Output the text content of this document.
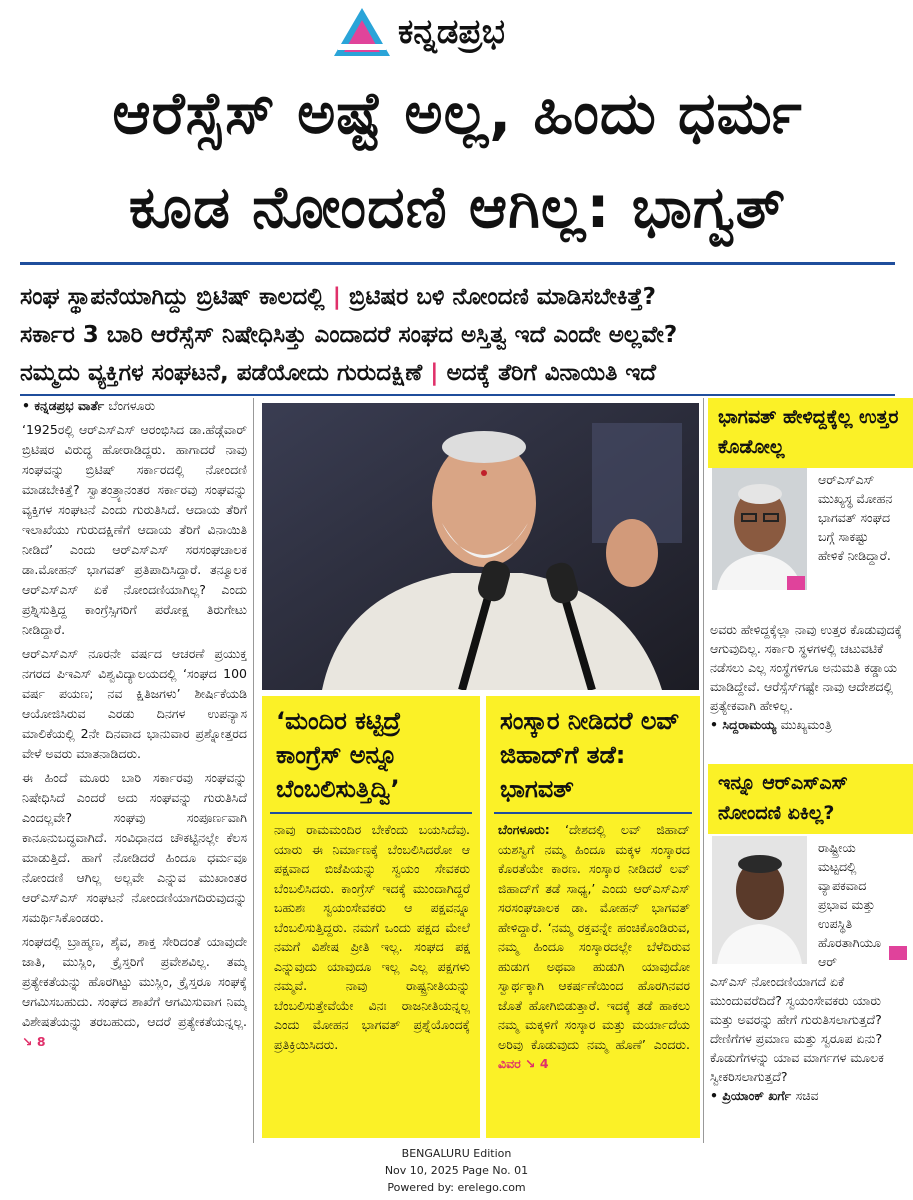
ಕನ್ನಡಪ್ರಭ
ಆರೆಸ್ಸೆಸ್ ಅಷ್ಟೆ ಅಲ್ಲ, ಹಿಂದು ಧರ್ಮ
ಕೂಡ ನೋಂದಣಿ ಆಗಿಲ್ಲ: ಭಾಗ್ವತ್
ಸಂಘ ಸ್ಥಾಪನೆಯಾಗಿದ್ದು ಬ್ರಿಟಿಷ್ ಕಾಲದಲ್ಲಿ | ಬ್ರಿಟಿಷರ ಬಳಿ ನೋಂದಣಿ ಮಾಡಿಸಬೇಕಿತ್ತೆ?
ಸರ್ಕಾರ 3 ಬಾರಿ ಆರೆಸ್ಸೆಸ್ ನಿಷೇಧಿಸಿತ್ತು ಎಂದಾದರೆ ಸಂಘದ ಅಸ್ತಿತ್ವ ಇದೆ ಎಂದೇ ಅಲ್ಲವೇ?
ನಮ್ಮದು ವ್ಯಕ್ತಿಗಳ ಸಂಘಟನೆ, ಪಡೆಯೋದು ಗುರುದಕ್ಷಿಣೆ | ಅದಕ್ಕೆ ತೆರಿಗೆ ವಿನಾಯಿತಿ ಇದೆ
• ಕನ್ನಡಪ್ರಭ ವಾರ್ತೆ ಬೆಂಗಳೂರು

‘1925ರಲ್ಲಿ ಆರ್‌ಎಸ್‌ಎಸ್ ಆರಂಭಿಸಿದ ಡಾ.ಹೆಡ್ಗೆವಾರ್ ಬ್ರಿಟಿಷರ ವಿರುದ್ಧ ಹೋರಾಡಿದ್ದರು. ಹಾಗಾದರೆ ನಾವು ಸಂಘವನ್ನು ಬ್ರಿಟಿಷ್ ಸರ್ಕಾರದಲ್ಲಿ ನೋಂದಣಿ ಮಾಡಬೇಕಿತ್ತೆ? ಸ್ವಾತಂತ್ರ್ಯಾನಂತರ ಸರ್ಕಾರವು ಸಂಘವನ್ನು ವ್ಯಕ್ತಿಗಳ ಸಂಘಟನೆ ಎಂದು ಗುರುತಿಸಿದೆ. ಆದಾಯ ತೆರಿಗೆ ಇಲಾಖೆಯು ಗುರುದಕ್ಷಿಣೆಗೆ ಆದಾಯ ತೆರಿಗೆ ವಿನಾಯಿತಿ ನೀಡಿದೆ’ ಎಂದು ಆರ್‌ಎಸ್‌ಎಸ್ ಸರಸಂಘಚಾಲಕ ಡಾ.ಮೋಹನ್ ಭಾಗವತ್ ಪ್ರತಿಪಾದಿಸಿದ್ದಾರೆ. ತನ್ಮೂಲಕ ಆರ್‌ಎಸ್‌ಎಸ್ ಏಕೆ ನೋಂದಣಿಯಾಗಿಲ್ಲ? ಎಂದು ಪ್ರಶ್ನಿಸುತ್ತಿದ್ದ ಕಾಂಗ್ರೆಸ್ಸಿಗರಿಗೆ ಪರೋಕ್ಷ ತಿರುಗೇಟು ನೀಡಿದ್ದಾರೆ.

ಆರ್‌ಎಸ್‌ಎಸ್ ನೂರನೇ ವರ್ಷದ ಆಚರಣೆ ಪ್ರಯುಕ್ತ ನಗರದ ಪಿಇಎಸ್ ವಿಶ್ವವಿದ್ಯಾಲಯದಲ್ಲಿ ‘ಸಂಘದ 100 ವರ್ಷ ಪಯಣ; ನವ ಕ್ಷಿತಿಜಗಳು’ ಶೀರ್ಷಿಕೆಯಡಿ ಆಯೋಜಿಸಿರುವ ಎರಡು ದಿನಗಳ ಉಪನ್ಯಾಸ ಮಾಲಿಕೆಯಲ್ಲಿ 2ನೇ ದಿನವಾದ ಭಾನುವಾರ ಪ್ರಶ್ನೋತ್ತರದ ವೇಳೆ ಅವರು ಮಾತನಾಡಿದರು.

ಈ ಹಿಂದೆ ಮೂರು ಬಾರಿ ಸರ್ಕಾರವು ಸಂಘವನ್ನು ನಿಷೇಧಿಸಿದೆ ಎಂದರೆ ಅದು ಸಂಘವನ್ನು ಗುರುತಿಸಿದೆ ಎಂದಲ್ಲವೇ? ಸಂಘವು ಸಂಪೂರ್ಣವಾಗಿ ಕಾನೂನುಬದ್ಧವಾಗಿದೆ. ಸಂವಿಧಾನದ ಚೌಕಟ್ಟಿನಲ್ಲೇ ಕೆಲಸ ಮಾಡುತ್ತಿದೆ. ಹಾಗೆ ನೋಡಿದರೆ ಹಿಂದೂ ಧರ್ಮವೂ ನೋಂದಣಿ ಆಗಿಲ್ಲ ಅಲ್ಲವೇ ಎನ್ನುವ ಮುಖಾಂತರ ಆರ್‌ಎಸ್‌ಎಸ್ ಸಂಘಟನೆ ನೋಂದಣಿಯಾಗದಿರುವುದನ್ನು ಸಮರ್ಥಿಸಿಕೊಂಡರು.

ಸಂಘದಲ್ಲಿ ಬ್ರಾಹ್ಮಣ, ಶೈವ, ಶಾಕ್ತ ಸೇರಿದಂತೆ ಯಾವುದೇ ಜಾತಿ, ಮುಸ್ಲಿಂ, ಕ್ರೈಸ್ತರಿಗೆ ಪ್ರವೇಶವಿಲ್ಲ. ತಮ್ಮ ಪ್ರತ್ಯೇಕತೆಯನ್ನು ಹೊರಗಿಟ್ಟು ಮುಸ್ಲಿಂ, ಕ್ರೈಸ್ತರೂ ಸಂಘಕ್ಕೆ ಆಗಮಿಸಬಹುದು. ಸಂಘದ ಶಾಖೆಗೆ ಆಗಮಿಸುವಾಗ ನಿಮ್ಮ ವಿಶೇಷತೆಯನ್ನು ತರಬಹುದು, ಆದರೆ ಪ್ರತ್ಯೇಕತೆಯನ್ನಲ್ಲ. ↘ 8

‘ಮಂದಿರ ಕಟ್ಟಿದ್ರೆ ಕಾಂಗ್ರೆಸ್ ಅನ್ನೂ ಬೆಂಬಲಿಸುತ್ತಿದ್ವಿ’
ನಾವು ರಾಮಮಂದಿರ ಬೇಕೆಂದು ಬಯಸಿದೆವು. ಯಾರು ಈ ನಿರ್ಮಾಣಕ್ಕೆ ಬೆಂಬಲಿಸಿದರೋ ಆ ಪಕ್ಷವಾದ ಬಿಜೆಪಿಯನ್ನು ಸ್ವಯಂ ಸೇವಕರು ಬೆಂಬಲಿಸಿದರು. ಕಾಂಗ್ರೆಸ್ ಇದಕ್ಕೆ ಮುಂದಾಗಿದ್ದರೆ ಬಹುಶಃ ಸ್ವಯಂಸೇವಕರು ಆ ಪಕ್ಷವನ್ನೂ ಬೆಂಬಲಿಸುತ್ತಿದ್ದರು. ನಮಗೆ ಒಂದು ಪಕ್ಷದ ಮೇಲೆ ನಮಗೆ ವಿಶೇಷ ಪ್ರೀತಿ ಇಲ್ಲ. ಸಂಘದ ಪಕ್ಷ ಎನ್ನುವುದು ಯಾವುದೂ ಇಲ್ಲ ಎಲ್ಲ ಪಕ್ಷಗಳು ನಮ್ಮವೆ. ನಾವು ರಾಷ್ಟ್ರನೀತಿಯನ್ನು ಬೆಂಬಲಿಸುತ್ತೇವೆಯೇ ವಿನಃ ರಾಜನೀತಿಯನ್ನಲ್ಲ ಎಂದು ಮೋಹನ ಭಾಗವತ್ ಪ್ರಶ್ನೆಯೊಂದಕ್ಕೆ ಪ್ರತಿಕ್ರಿಯಿಸಿದರು.
ಸಂಸ್ಕಾರ ನೀಡಿದರೆ ಲವ್ ಜಿಹಾದ್‌ಗೆ ತಡೆ: ಭಾಗವತ್
ಬೆಂಗಳೂರು: ‘ದೇಶದಲ್ಲಿ ಲವ್ ಜಿಹಾದ್ ಯಶಸ್ವಿಗೆ ನಮ್ಮ ಹಿಂದೂ ಮಕ್ಕಳ ಸಂಸ್ಕಾರದ ಕೊರತೆಯೇ ಕಾರಣ. ಸಂಸ್ಕಾರ ನೀಡಿದರೆ ಲವ್ ಜಿಹಾದ್‌ಗೆ ತಡೆ ಸಾಧ್ಯ,’ ಎಂದು ಆರ್‌ಎಸ್‌ಎಸ್ ಸರಸಂಘಚಾಲಕ ಡಾ. ಮೋಹನ್ ಭಾಗವತ್ ಹೇಳಿದ್ದಾರೆ. ‘ನಮ್ಮ ರಕ್ತವನ್ನೇ ಹಂಚಿಕೊಂಡಿರುವ, ನಮ್ಮ ಹಿಂದೂ ಸಂಸ್ಕಾರದಲ್ಲೇ ಬೆಳೆದಿರುವ ಹುಡುಗ ಅಥವಾ ಹುಡುಗಿ ಯಾವುದೋ ಸ್ವಾರ್ಥಕ್ಕಾಗಿ ಆಕರ್ಷಣೆಯಿಂದ ಹೊರಗಿನವರ ಜೊತೆ ಹೋಗಿಬಿಡುತ್ತಾರೆ. ಇದಕ್ಕೆ ತಡೆ ಹಾಕಲು ನಮ್ಮ ಮಕ್ಕಳಿಗೆ ಸಂಸ್ಕಾರ ಮತ್ತು ಮರ್ಯಾದೆಯ ಅರಿವು ಕೊಡುವುದು ನಮ್ಮ ಹೊಣೆ’ ಎಂದರು. ವಿವರ ↘ 4
ಭಾಗವತ್ ಹೇಳಿದ್ದಕ್ಕೆಲ್ಲ ಉತ್ತರ ಕೊಡೋಲ್ಲ
ಆರ್‌ಎಸ್‌ಎಸ್ ಮುಖ್ಯಸ್ಥ ಮೋಹನ ಭಾಗವತ್ ಸಂಘದ ಬಗ್ಗೆ ಸಾಕಷ್ಟು ಹೇಳಿಕೆ ನೀಡಿದ್ದಾರೆ.
ಅವರು ಹೇಳಿದ್ದಕ್ಕೆಲ್ಲಾ ನಾವು ಉತ್ತರ ಕೊಡುವುದಕ್ಕೆ ಆಗುವುದಿಲ್ಲ. ಸರ್ಕಾರಿ ಸ್ಥಳಗಳಲ್ಲಿ ಚಟುವಟಿಕೆ ನಡೆಸಲು ಎಲ್ಲ ಸಂಸ್ಥೆಗಳಿಗೂ ಅನುಮತಿ ಕಡ್ಡಾಯ ಮಾಡಿದ್ದೇವೆ. ಆರೆಸ್ಸೆಸ್‌ಗಷ್ಟೇ ನಾವು ಆದೇಶದಲ್ಲಿ ಪ್ರತ್ಯೇಕವಾಗಿ ಹೇಳಿಲ್ಲ.
• ಸಿದ್ದರಾಮಯ್ಯ ಮುಖ್ಯಮಂತ್ರಿ
ಇನ್ನೂ ಆರ್‌ಎಸ್‌ಎಸ್ ನೋಂದಣಿ ಏಕಿಲ್ಲ?
ರಾಷ್ಟ್ರೀಯ ಮಟ್ಟದಲ್ಲಿ ವ್ಯಾಪಕವಾದ ಪ್ರಭಾವ ಮತ್ತು ಉಪಸ್ಥಿತಿ ಹೊರತಾಗಿಯೂ ಆರ್‌
ಎಸ್‌ಎಸ್ ನೋಂದಣಿಯಾಗದೆ ಏಕೆ ಮುಂದುವರೆದಿದೆ? ಸ್ವಯಂಸೇವಕರು ಯಾರು ಮತ್ತು ಅವರನ್ನು ಹೇಗೆ ಗುರುತಿಸಲಾಗುತ್ತದೆ? ದೇಣಿಗೆಗಳ ಪ್ರಮಾಣ ಮತ್ತು ಸ್ವರೂಪ ಏನು? ಕೊಡುಗೆಗಳನ್ನು ಯಾವ ಮಾರ್ಗಗಳ ಮೂಲಕ ಸ್ವೀಕರಿಸಲಾಗುತ್ತದೆ?
• ಪ್ರಿಯಾಂಕ್ ಖರ್ಗೆ ಸಚಿವ
BENGALURU Edition
Nov 10, 2025 Page No. 01
Powered by: erelego.com
